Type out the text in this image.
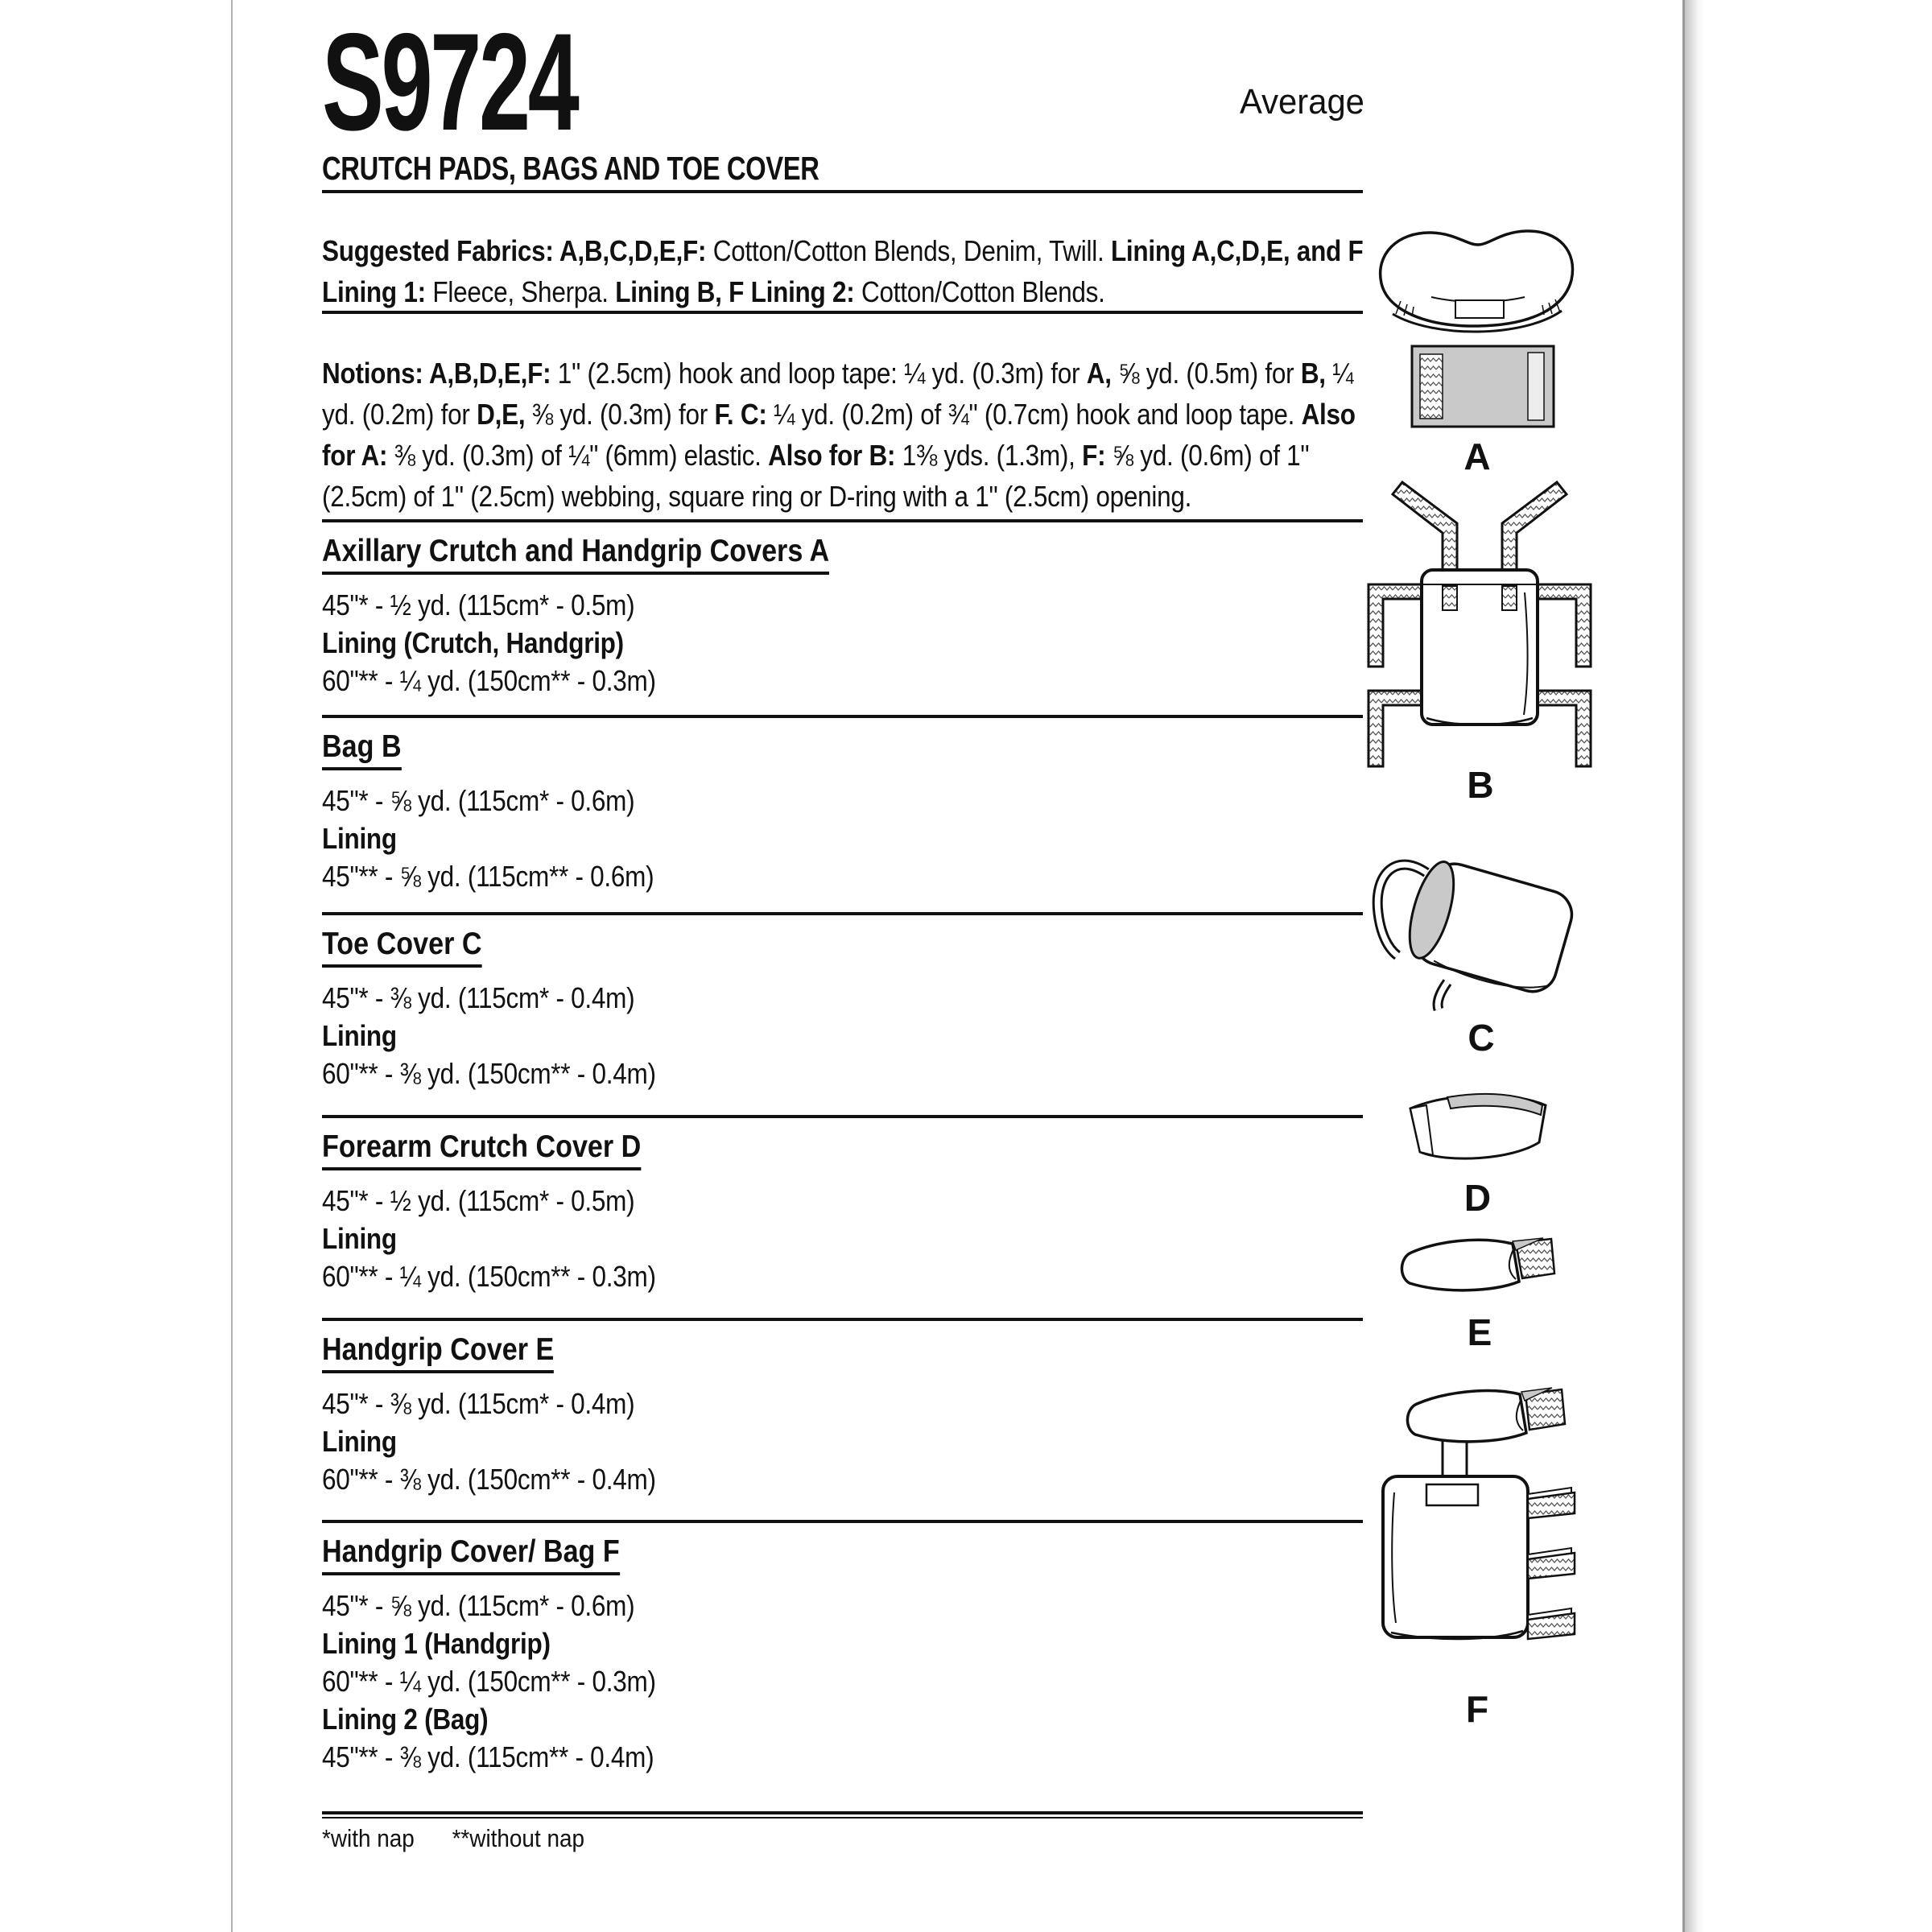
S9724	Average
CRUTCH PADS, BAGS AND TOE COVER

Suggested Fabrics: A,B,C,D,E,F: Cotton/Cotton Blends, Denim, Twill. Lining A,C,D,E, and F Lining 1: Fleece, Sherpa. Lining B, F Lining 2: Cotton/Cotton Blends.

Notions: A,B,D,E,F: 1" (2.5cm) hook and loop tape: ¼ yd. (0.3m) for A, ⅝ yd. (0.5m) for B, ¼ yd. (0.2m) for D,E, ⅜ yd. (0.3m) for F. C: ¼ yd. (0.2m) of ¾" (0.7cm) hook and loop tape. Also for A: ⅜ yd. (0.3m) of ¼" (6mm) elastic. Also for B: 1⅜ yds. (1.3m), F: ⅝ yd. (0.6m) of 1" (2.5cm) of 1" (2.5cm) webbing, square ring or D-ring with a 1" (2.5cm) opening.

Axillary Crutch and Handgrip Covers A

45"* - ½ yd. (115cm* - 0.5m)

Lining (Crutch, Handgrip)

60"** - ¼ yd. (150cm** - 0.3m)

Bag B

45"* - ⅝ yd. (115cm* - 0.6m)

Lining

45"** - ⅝ yd. (115cm** - 0.6m)

Toe Cover C

45"* - ⅜ yd. (115cm* - 0.4m)

Lining

60"** - ⅜ yd. (150cm** - 0.4m)

Forearm Crutch Cover D

45"* - ½ yd. (115cm* - 0.5m)

Lining

60"** - ¼ yd. (150cm** - 0.3m)

Handgrip Cover E

45"* - ⅜ yd. (115cm* - 0.4m)

Lining

60"** - ⅜ yd. (150cm** - 0.4m)

Handgrip Cover/ Bag F

45"* - ⅝ yd. (115cm* - 0.6m)

Lining 1 (Handgrip)

60"** - ¼ yd. (150cm** - 0.3m)

Lining 2 (Bag)

45"** - ⅜ yd. (115cm** - 0.4m)

*with nap **without nap
A
B
C
D
E
F
